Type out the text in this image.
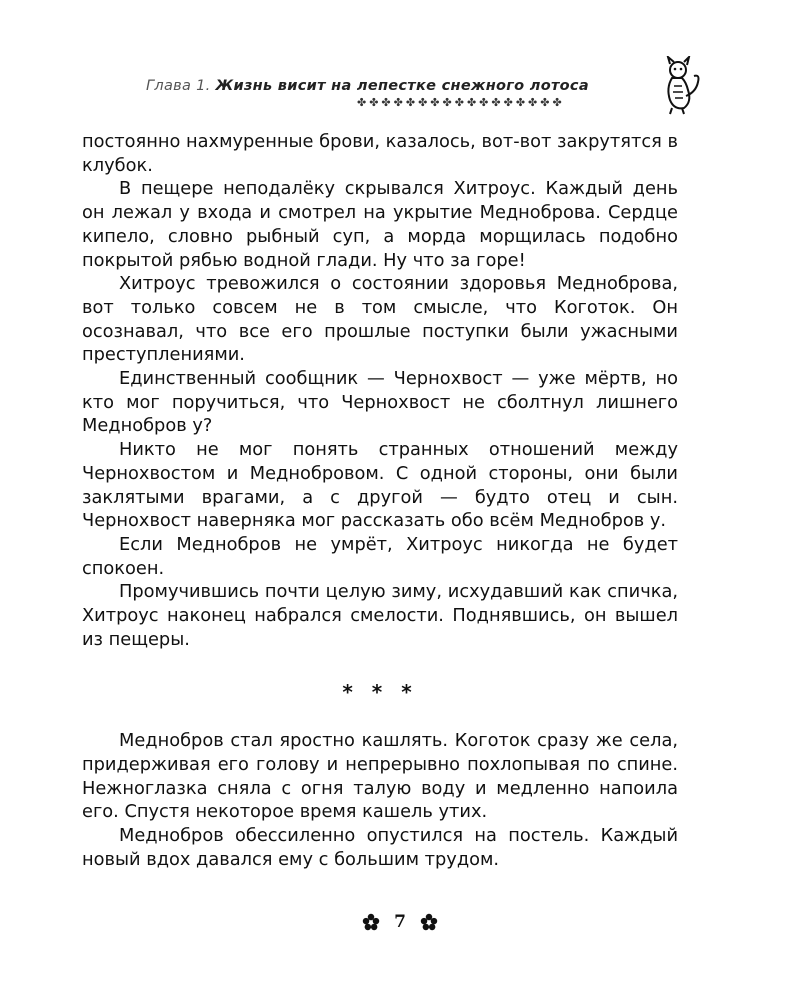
Глава 1. Жизнь висит на лепестке снежного лотоса
✤✤✤✤✤✤✤✤✤✤✤✤✤✤✤✤✤

постоянно нахмуренные брови, казалось, вот-вот закрутятся в клубок.

В пещере неподалёку скрывался Хитроус. Каждый день он лежал у входа и смотрел на укрытие Медноброва. Сердце кипело, словно рыбный суп, а морда морщилась подобно покрытой рябью водной глади. Ну что за горе!

Хитроус тревожился о состоянии здоровья Медноброва, вот только совсем не в том смысле, что Коготок. Он осознавал, что все его прошлые поступки были ужасными преступлениями.

Единственный сообщник — Чернохвост — уже мёртв, но кто мог поручиться, что Чернохвост не сболтнул лишнего Меднобров у?

Никто не мог понять странных отношений между Чернохвостом и Меднобровом. С одной стороны, они были заклятыми врагами, а с другой — будто отец и сын. Чернохвост наверняка мог рассказать обо всём Меднобров у.

Если Меднобров не умрёт, Хитроус никогда не будет спокоен.

Промучившись почти целую зиму, исхудавший как спичка, Хитроус наконец набрался смелости. Поднявшись, он вышел из пещеры.

* * *

Меднобров стал яростно кашлять. Коготок сразу же села, придерживая его голову и непрерывно похлопывая по спине. Нежноглазка сняла с огня талую воду и медленно напоила его. Спустя некоторое время кашель утих.

Меднобров обессиленно опустился на постель. Каждый новый вдох давался ему с большим трудом.

7
